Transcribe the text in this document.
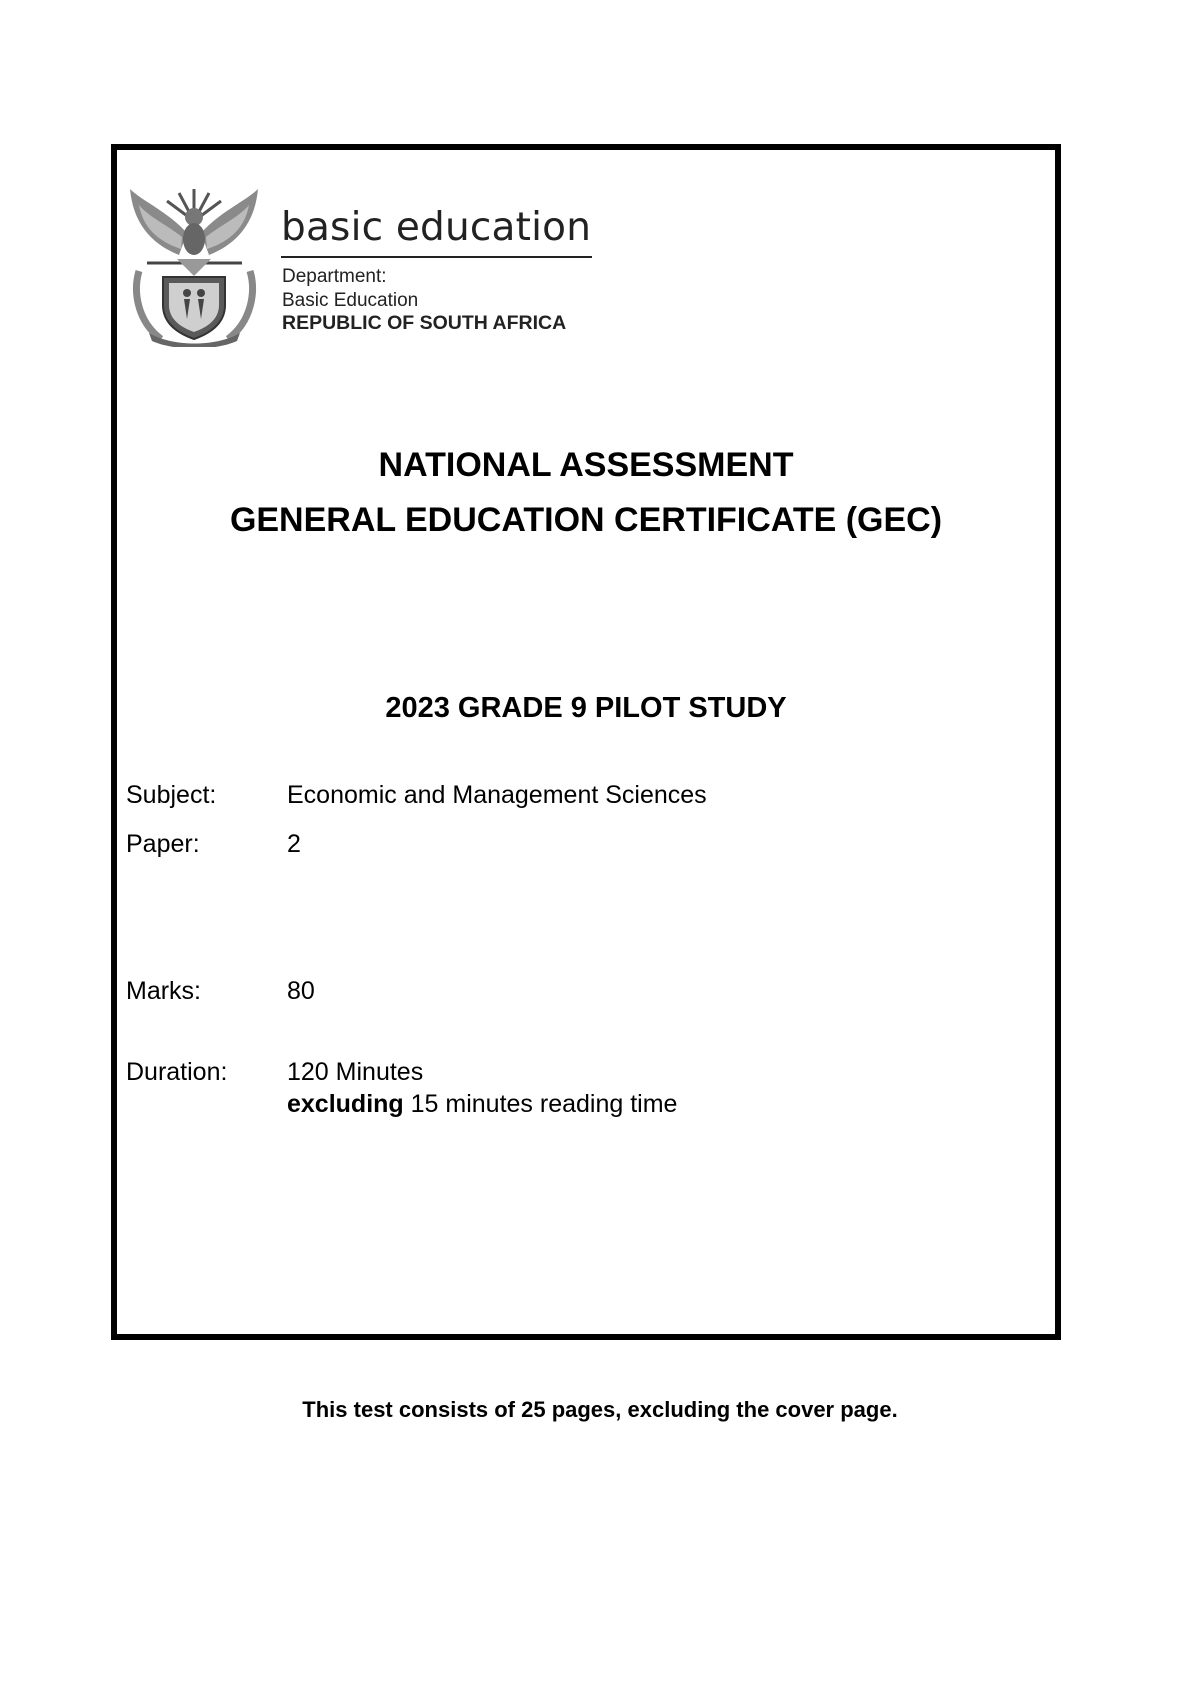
basic education
Department:
Basic Education
REPUBLIC OF SOUTH AFRICA
NATIONAL ASSESSMENT
GENERAL EDUCATION CERTIFICATE (GEC)
2023 GRADE 9 PILOT STUDY
Subject:	Economic and Management Sciences
Paper:	2
Marks:	80
Duration: 120 Minutes
excluding 15 minutes reading time
This test consists of 25 pages, excluding the cover page.
